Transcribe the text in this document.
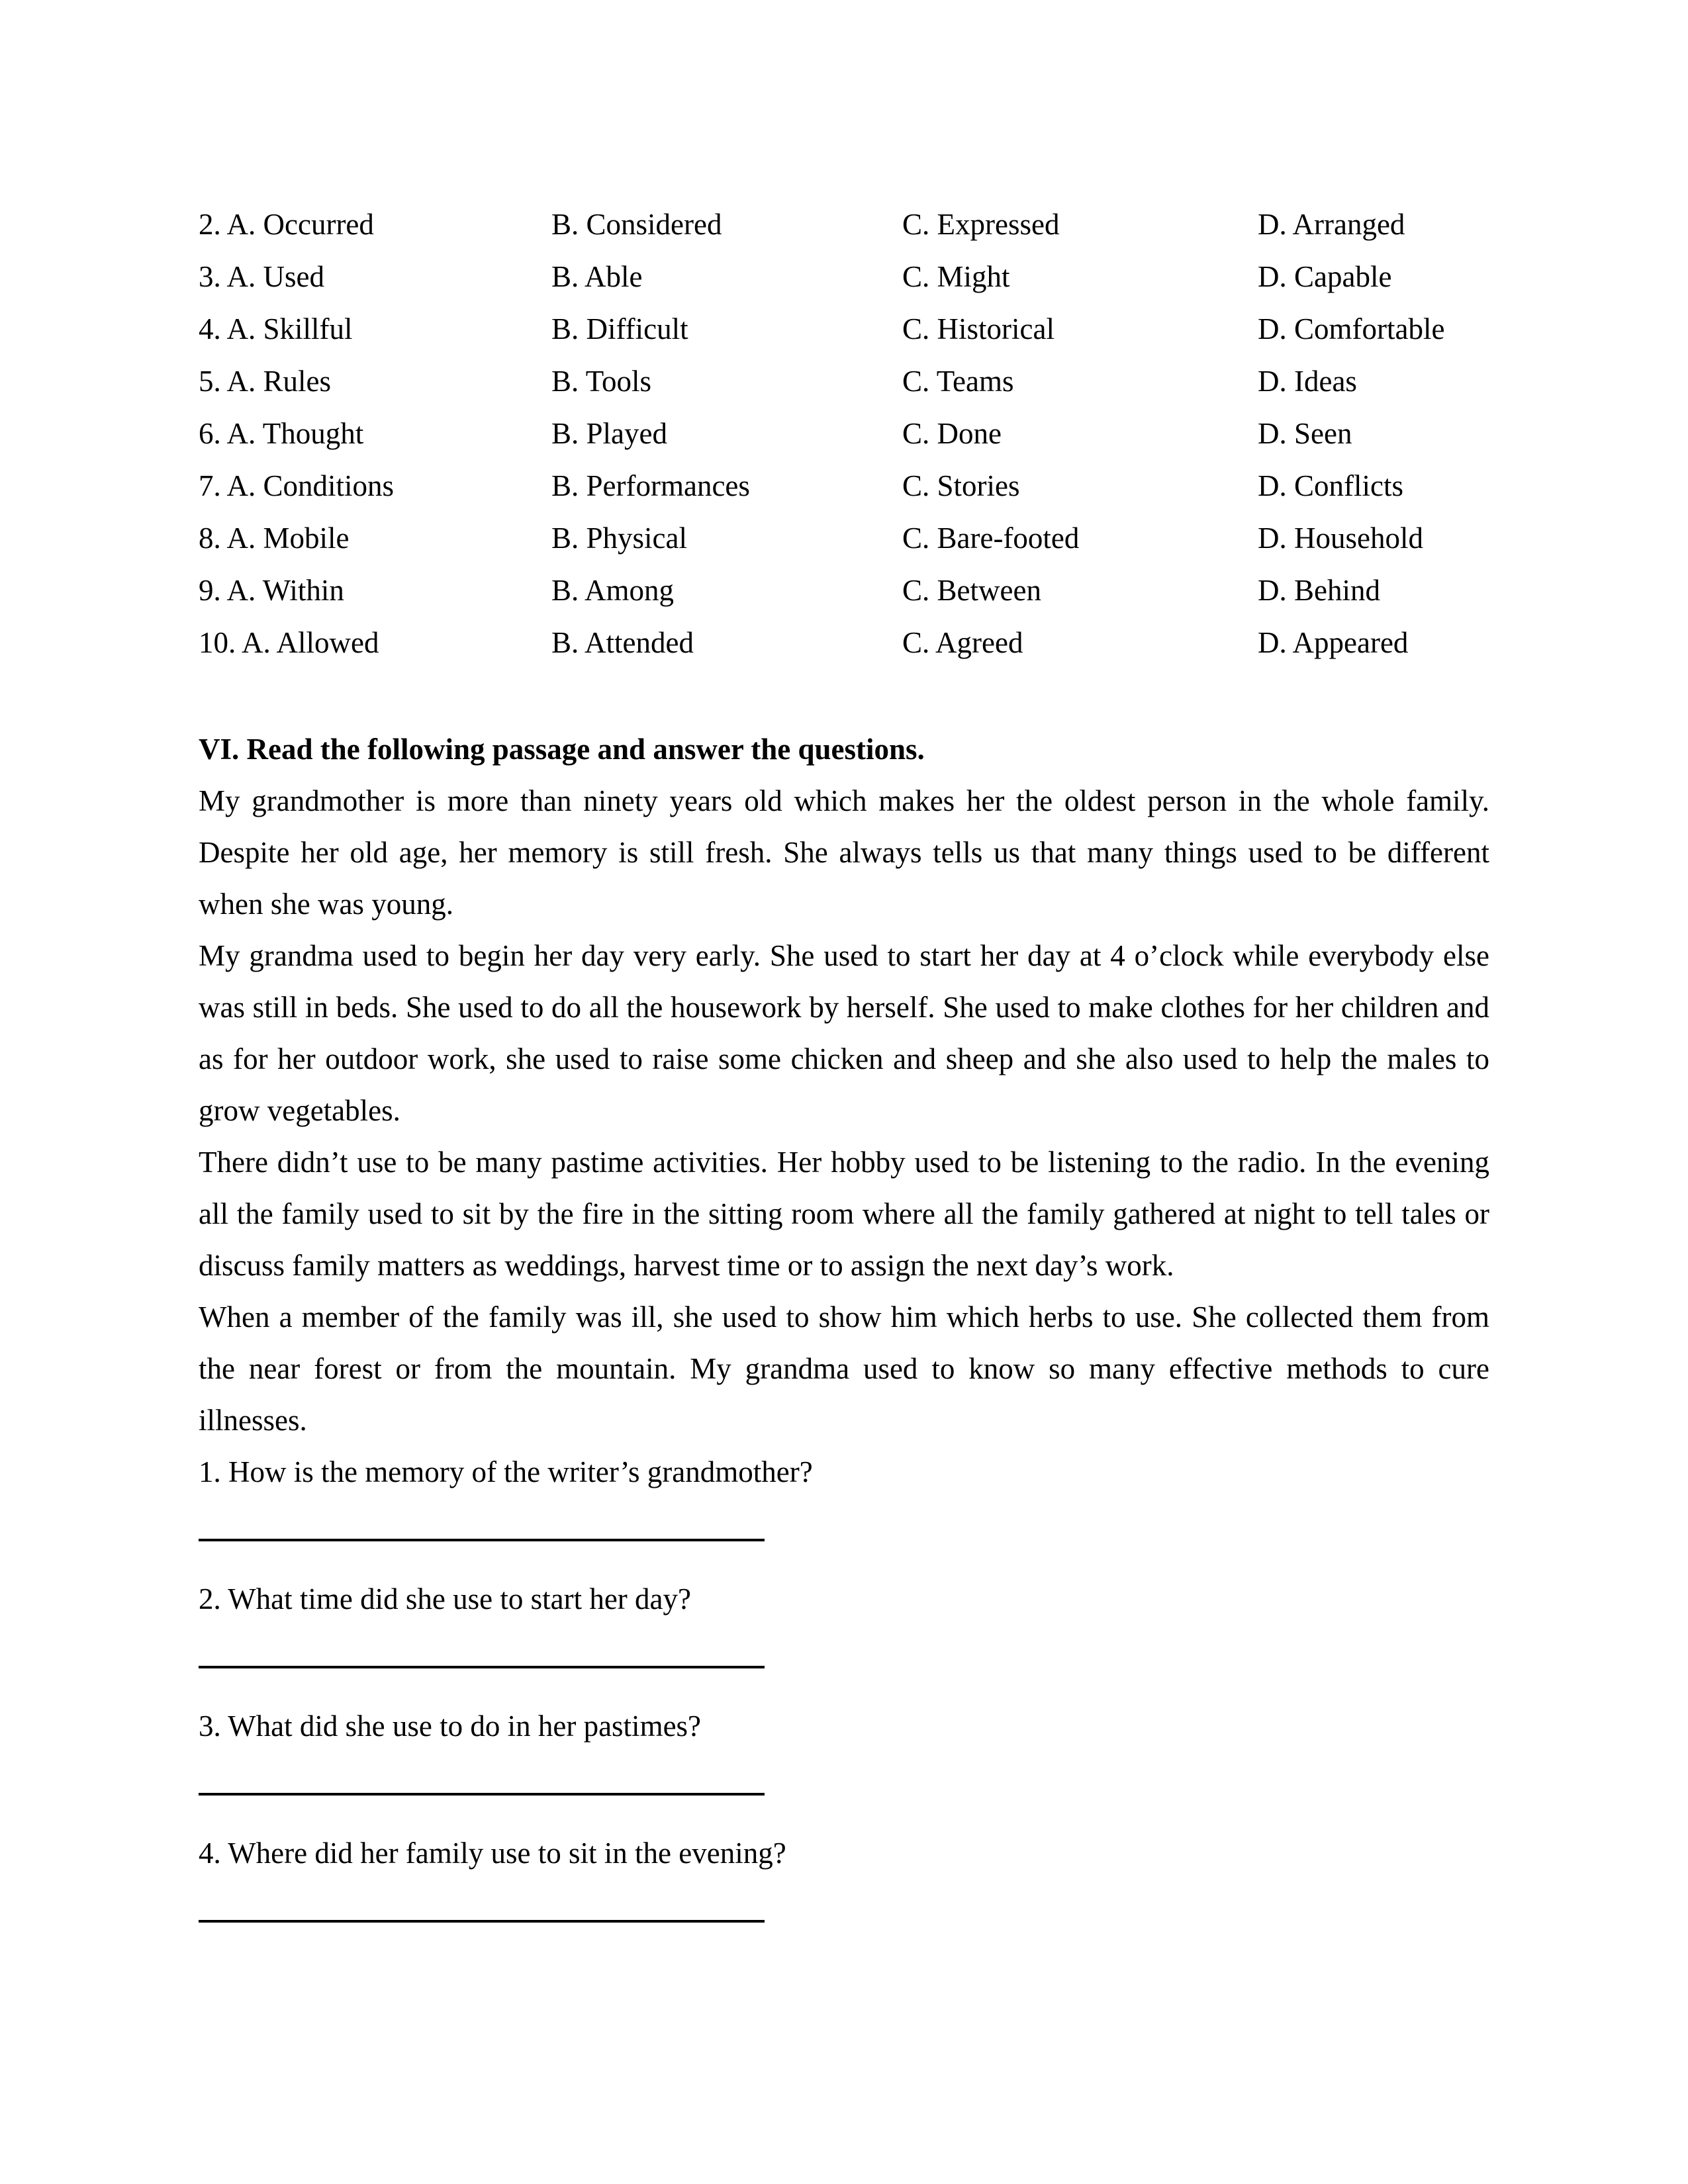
2. A. Occurred	B. Considered	C. Expressed	D. Arranged
3. A. Used	B. Able	C. Might	D. Capable
4. A. Skillful	B. Difficult	C. Historical	D. Comfortable
5. A. Rules	B. Tools	C. Teams	D. Ideas
6. A. Thought	B. Played	C. Done	D. Seen
7. A. Conditions	B. Performances	C. Stories	D. Conflicts
8. A. Mobile	B. Physical	C. Bare-footed	D. Household
9. A. Within	B. Among	C. Between	D. Behind
10. A. Allowed	B. Attended	C. Agreed	D. Appeared
VI. Read the following passage and answer the questions.
My grandmother is more than ninety years old which makes her the oldest person in the whole family. Despite her old age, her memory is still fresh. She always tells us that many things used to be different when she was young.
My grandma used to begin her day very early. She used to start her day at 4 o’clock while everybody else was still in beds. She used to do all the housework by herself. She used to make clothes for her children and as for her outdoor work, she used to raise some chicken and sheep and she also used to help the males to grow vegetables.
There didn’t use to be many pastime activities. Her hobby used to be listening to the radio. In the evening all the family used to sit by the fire in the sitting room where all the family gathered at night to tell tales or discuss family matters as weddings, harvest time or to assign the next day’s work.
When a member of the family was ill, she used to show him which herbs to use. She collected them from the near forest or from the mountain. My grandma used to know so many effective methods to cure illnesses.
1. How is the memory of the writer’s grandmother?
2. What time did she use to start her day?
3. What did she use to do in her pastimes?
4. Where did her family use to sit in the evening?
